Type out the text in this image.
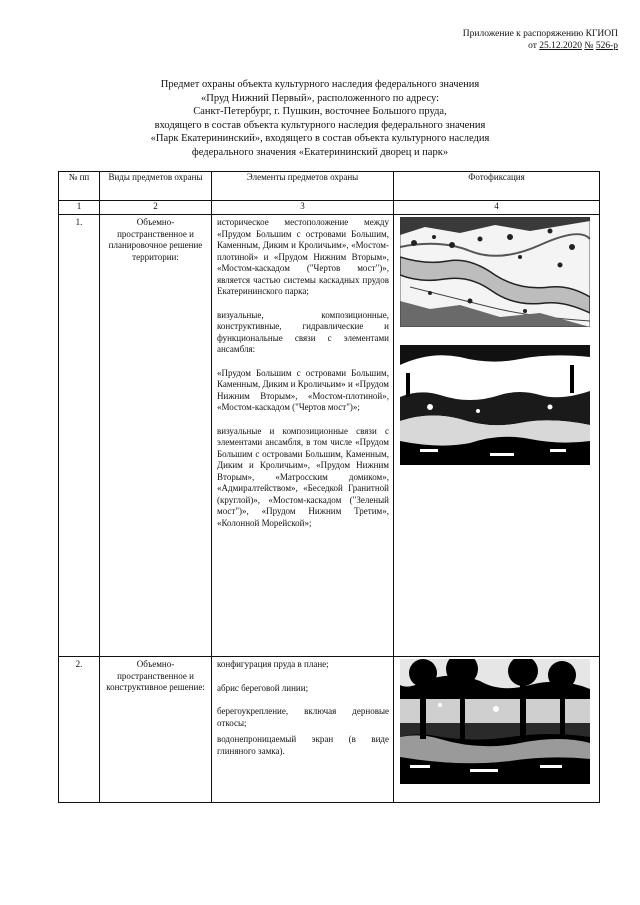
Приложение к распоряжению КГИОП
от 25.12.2020 № 526-р
Предмет охраны объекта культурного наследия федерального значения
«Пруд Нижний Первый», расположенного по адресу:
Санкт-Петербург, г. Пушкин, восточнее Большого пруда,
входящего в состав объекта культурного наследия федерального значения
«Парк Екатерининский», входящего в состав объекта культурного наследия
федерального значения «Екатерининский дворец и парк»
№ пп	Виды предметов охраны	Элементы предметов охраны	Фотофиксация
1	2	3	4
1.	Объемно-пространственное и планировочное решение территории:	историческое местоположение между «Прудом Большим с островами Большим, Каменным, Диким и Кроличьим», «Мостом-плотиной» и «Прудом Нижним Вторым», «Мостом-каскадом ("Чертов мост")», является частью системы каскадных прудов Екатерининского парка;

визуальные, композиционные, конструктивные, гидравлические и функциональные связи с элементами ансамбля:

«Прудом Большим с островами Большим, Каменным, Диким и Кроличьим» и «Прудом Нижним Вторым», «Мостом-плотиной», «Мостом-каскадом ("Чертов мост")»;

визуальные и композиционные связи с элементами ансамбля, в том числе «Прудом Большим с островами Большим, Каменным, Диким и Кроличьим», «Прудом Нижним Вторым», «Матросским домиком», «Адмиралтейством», «Беседкой Гранитной (круглой)», «Мостом-каскадом ("Зеленый мост")», «Прудом Нижним Третим», «Колонной Морейской»;

2.	Объемно-пространственное и конструктивное решение:	конфигурация пруда в плане;

абрис береговой линии;

берегоукрепление, включая дерновые откосы;

водонепроницаемый экран (в виде глиняного замка).
